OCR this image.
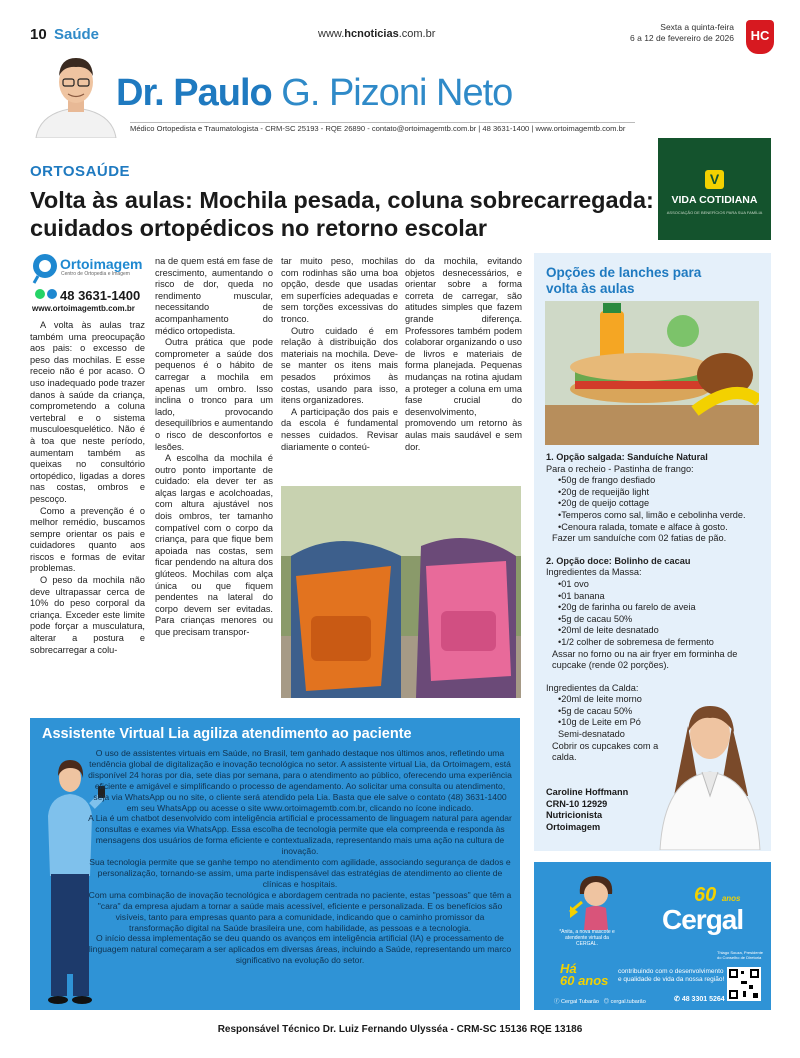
10 Saúde	www.hcnoticias.com.br
Sexta a quinta-feira
6 a 12 de fevereiro de 2026	HC
Dr. Paulo G. Pizoni Neto
Médico Ortopedista e Traumatologista - CRM-SC 25193 - RQE 26890 - contato@ortoimagemtb.com.br | 48 3631-1400 | www.ortoimagemtb.com.br
ORTOSAÚDE
Volta às aulas: Mochila pesada, coluna sobrecarregada: cuidados ortopédicos no retorno escolar
V
VIDA COTIDIANA
ASSOCIAÇÃO DE BENEFÍCIOS PARA SUA FAMÍLIA
Ortoimagem
Centro de Ortopedia e Imagem
48 3631-1400
www.ortoimagemtb.com.br

A volta às aulas traz também uma preocupação aos pais: o excesso de peso das mochilas. E esse receio não é por acaso. O uso inadequado pode trazer danos à saúde da criança, comprometendo a coluna vertebral e o sistema musculoesquelético. Não é à toa que neste período, aumentam também as queixas no consultório ortopédico, ligadas a dores nas costas, ombros e pescoço.

Como a prevenção é o melhor remédio, buscamos sempre orientar os pais e cuidadores quanto aos riscos e formas de evitar problemas.

O peso da mochila não deve ultrapassar cerca de 10% do peso corporal da criança. Exceder este limite pode forçar a musculatura, alterar a postura e sobrecarregar a colu-

na de quem está em fase de crescimento, aumentando o risco de dor, queda no rendimento muscular, necessitando de acompanhamento do médico ortopedista.

Outra prática que pode comprometer a saúde dos pequenos é o hábito de carregar a mochila em apenas um ombro. Isso inclina o tronco para um lado, provocando desequilíbrios e aumentando o risco de desconfortos e lesões.

A escolha da mochila é outro ponto importante de cuidado: ela dever ter as alças largas e acolchoadas, com altura ajustável nos dois ombros, ter tamanho compatível com o corpo da criança, para que fique bem apoiada nas costas, sem ficar pendendo na altura dos glúteos. Mochilas com alça única ou que fiquem pendentes na lateral do corpo devem ser evitadas. Para crianças menores ou que precisam transpor-

tar muito peso, mochilas com rodinhas são uma boa opção, desde que usadas em superfícies adequadas e sem torções excessivas do tronco.

Outro cuidado é em relação à distribuição dos materiais na mochila. Deve-se manter os itens mais pesados próximos às costas, usando para isso, itens organizadores.

A participação dos pais e da escola é fundamental nesses cuidados. Revisar diariamente o conteú-

do da mochila, evitando objetos desnecessários, e orientar sobre a forma correta de carregar, são atitudes simples que fazem grande diferença. Professores também podem colaborar organizando o uso de livros e materiais de forma planejada. Pequenas mudanças na rotina ajudam a proteger a coluna em uma fase crucial do desenvolvimento, promovendo um retorno às aulas mais saudável e sem dor.

Opções de lanches para volta às aulas
1. Opção salgada: Sanduíche Natural
Para o recheio - Pastinha de frango:
• 50g de frango desfiado
• 20g de requeijão light
• 20g de queijo cottage
• Temperos como sal, limão e cebolinha verde.
• Cenoura ralada, tomate e alface à gosto.
Fazer um sanduíche com 02 fatias de pão.
2. Opção doce: Bolinho de cacau
Ingredientes da Massa:
• 01 ovo
• 01 banana
• 20g de farinha ou farelo de aveia
• 5g de cacau 50%
• 20ml de leite desnatado
• 1/2 colher de sobremesa de fermento
Assar no forno ou na air fryer em forminha de cupcake (rende 02 porções).
Ingredientes da Calda:
• 20ml de leite morno
• 5g de cacau 50%
• 10g de Leite em Pó Semi-desnatado
Cobrir os cupcakes com a calda.
Caroline Hoffmann
CRN-10 12929
Nutricionista
Ortoimagem
Assistente Virtual Lia agiliza atendimento ao paciente

O uso de assistentes virtuais em Saúde, no Brasil, tem ganhado destaque nos últimos anos, refletindo uma tendência global de digitalização e inovação tecnológica no setor. A assistente virtual Lia, da Ortoimagem, está disponível 24 horas por dia, sete dias por semana, para o atendimento ao público, oferecendo uma experiência eficiente e amigável e simplificando o processo de agendamento. Ao solicitar uma consulta ou atendimento, seja via WhatsApp ou no site, o cliente será atendido pela Lia. Basta que ele salve o contato (48) 3631-1400 em seu WhatsApp ou acesse o site www.ortoimagemtb.com.br, clicando no ícone indicado.

A Lia é um chatbot desenvolvido com inteligência artificial e processamento de linguagem natural para agendar consultas e exames via WhatsApp. Essa escolha de tecnologia permite que ela compreenda e responda às mensagens dos usuários de forma eficiente e contextualizada, representando mais uma ação na cultura de inovação.

Sua tecnologia permite que se ganhe tempo no atendimento com agilidade, associando segurança de dados e personalização, tornando-se assim, uma parte indispensável das estratégias de atendimento ao cliente de clínicas e hospitais.

Com uma combinação de inovação tecnológica e abordagem centrada no paciente, estas "pessoas" que têm a "cara" da empresa ajudam a tornar a saúde mais acessível, eficiente e personalizada. E os benefícios são visíveis, tanto para empresas quanto para a comunidade, indicando que o caminho promissor da transformação digital na Saúde brasileira une, com habilidade, as pessoas e a tecnologia.

O início dessa implementação se deu quando os avanços em inteligência artificial (IA) e processamento de linguagem natural começaram a ser aplicados em diversas áreas, incluindo a Saúde, representando um marco significativo na evolução do setor.

60 anos
Cergal
*Anita, a nova mascote e atendente virtual da CERGAL.
Thiago Souza, Presidente do Conselho de Diretoria
Há
60 anos
contribuindo com o desenvolvimento e qualidade de vida da nossa região!
ⓕ Cergal Tubarão ◎ cergal.tubarão	✆ 48 3301 5264
Responsável Técnico Dr. Luiz Fernando Ulysséa - CRM-SC 15136 RQE 13186
